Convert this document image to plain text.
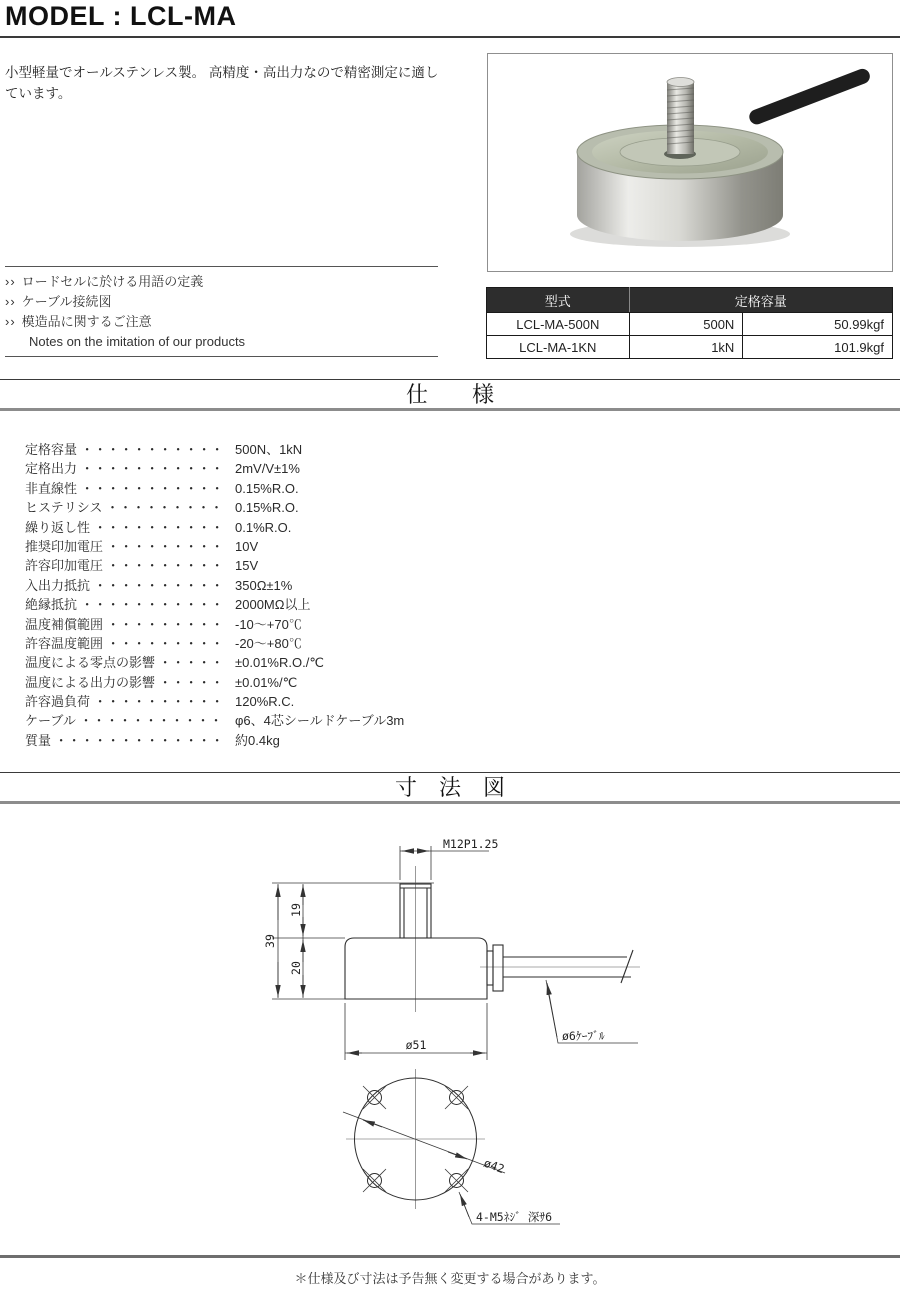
MODEL : LCL-MA
小型軽量でオールステンレス製。 高精度・高出力なので精密測定に適しています。
›› ロードセルに於ける用語の定義
›› ケーブル接続図
›› 模造品に関するご注意
Notes on the imitation of our products
型式	定格容量	
LCL-MA-500N	500N	50.99kgf
LCL-MA-1KN	1kN	101.9kgf
仕　　様
定格容量 ・・・・・・・・・・・ 500N、1kN
定格出力 ・・・・・・・・・・・ 2mV/V±1%
非直線性 ・・・・・・・・・・・ 0.15%R.O.
ヒステリシス ・・・・・・・・・ 0.15%R.O.
繰り返し性 ・・・・・・・・・・ 0.1%R.O.
推奨印加電圧 ・・・・・・・・・ 10V
許容印加電圧 ・・・・・・・・・ 15V
入出力抵抗 ・・・・・・・・・・ 350Ω±1%
絶縁抵抗 ・・・・・・・・・・・ 2000MΩ以上
温度補償範囲 ・・・・・・・・・ -10～+70℃
許容温度範囲 ・・・・・・・・・ -20～+80℃
温度による零点の影響 ・・・・・ ±0.01%R.O./℃
温度による出力の影響 ・・・・・ ±0.01%/℃
許容過負荷 ・・・・・・・・・・ 120%R.C.
ケーブル ・・・・・・・・・・・ φ6、4芯シールドケーブル3m
質量 ・・・・・・・・・・・・・ 約0.4kg
寸　法　図
M12P1.25
39
19
20
ø51
ø6ｹｰﾌﾞﾙ
ø42
4-M5ﾈｼﾞ 深ｻ6
＊仕様及び寸法は予告無く変更する場合があります。
